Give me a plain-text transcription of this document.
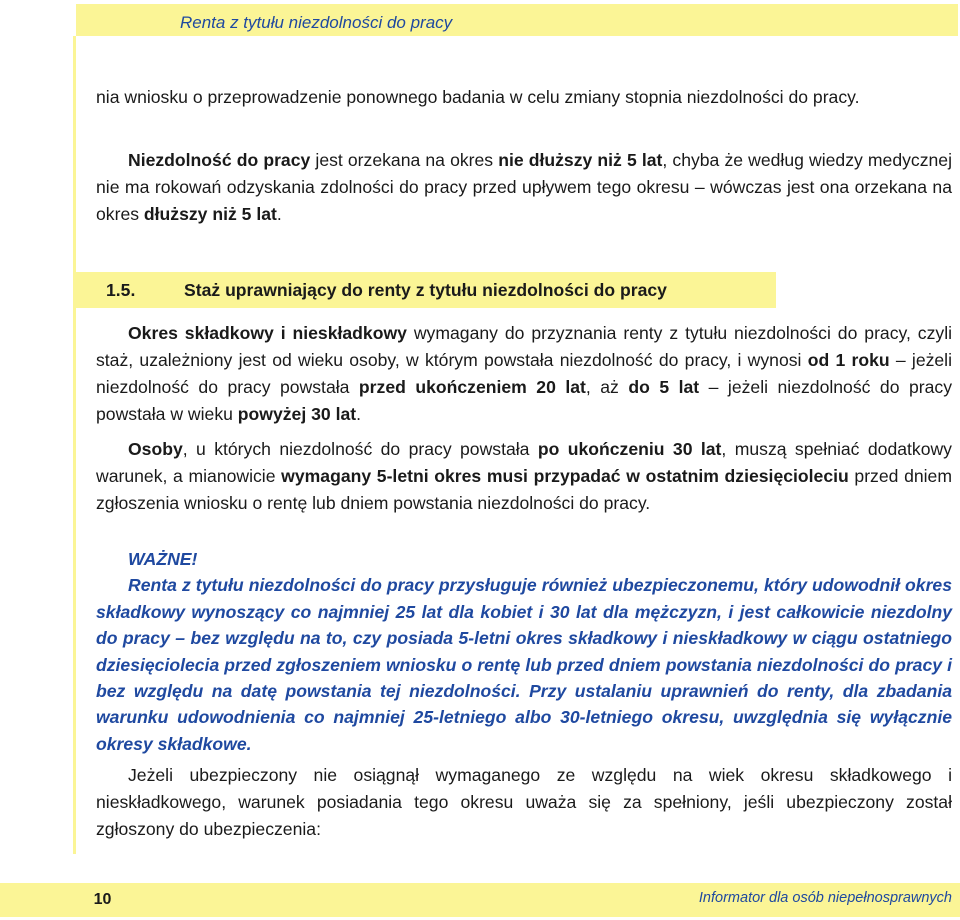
Renta z tytułu niezdolności do pracy

nia wniosku o przeprowadzenie ponownego badania w celu zmiany stopnia niezdolności do pracy.

Niezdolność do pracy jest orzekana na okres nie dłuższy niż 5 lat, chyba że według wiedzy medycznej nie ma rokowań odzyskania zdolności do pracy przed upływem tego okresu – wówczas jest ona orzekana na okres dłuższy niż 5 lat.

1.5.	Staż uprawniający do renty z tytułu niezdolności do pracy

Okres składkowy i nieskładkowy wymagany do przyznania renty z tytułu niezdolności do pracy, czyli staż, uzależniony jest od wieku osoby, w którym powstała niezdolność do pracy, i wynosi od 1 roku – jeżeli niezdolność do pracy powstała przed ukończeniem 20 lat, aż do 5 lat – jeżeli niezdolność do pracy powstała w wieku powyżej 30 lat.

Osoby, u których niezdolność do pracy powstała po ukończeniu 30 lat, muszą spełniać dodatkowy warunek, a mianowicie wymagany 5-letni okres musi przypadać w ostatnim dziesięcioleciu przed dniem zgłoszenia wniosku o rentę lub dniem powstania niezdolności do pracy.

WAŻNE!
Renta z tytułu niezdolności do pracy przysługuje również ubezpieczonemu, który udowodnił okres składkowy wynoszący co najmniej 25 lat dla kobiet i 30 lat dla mężczyzn, i jest całkowicie niezdolny do pracy – bez względu na to, czy posiada 5-letni okres składkowy i nieskładkowy w ciągu ostatniego dziesięciolecia przed zgłoszeniem wniosku o rentę lub przed dniem powstania niezdolności do pracy i bez względu na datę powstania tej niezdolności. Przy ustalaniu uprawnień do renty, dla zbadania warunku udowodnienia co najmniej 25-letniego albo 30-letniego okresu, uwzględnia się wyłącznie okresy składkowe.

Jeżeli ubezpieczony nie osiągnął wymaganego ze względu na wiek okresu składkowego i nieskładkowego, warunek posiadania tego okresu uważa się za spełniony, jeśli ubezpieczony został zgłoszony do ubezpieczenia:

10	Informator dla osób niepełnosprawnych
